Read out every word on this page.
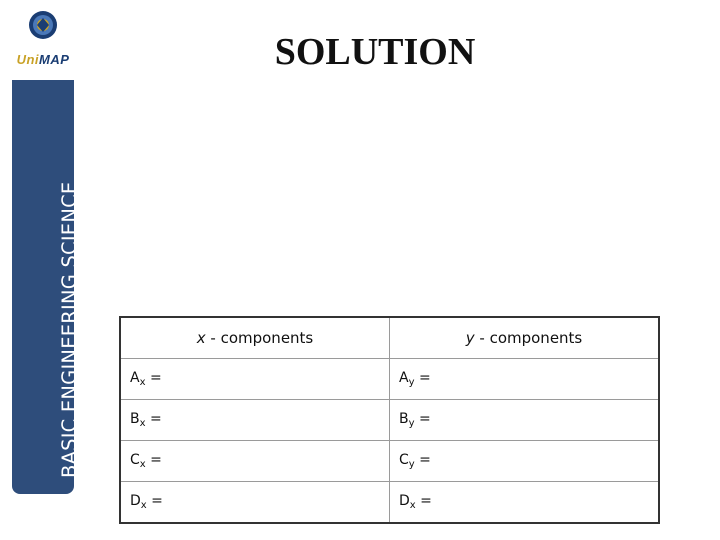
UniMAP
BASIC ENGINEERING SCIENCE
SOLUTION
x - components	y - components
$A_x$ =	$A_y$ =
$B_x$ =	$B_y$ =
$C_x$ =	$C_y$ =
$D_x$ =	$D_x$ =
